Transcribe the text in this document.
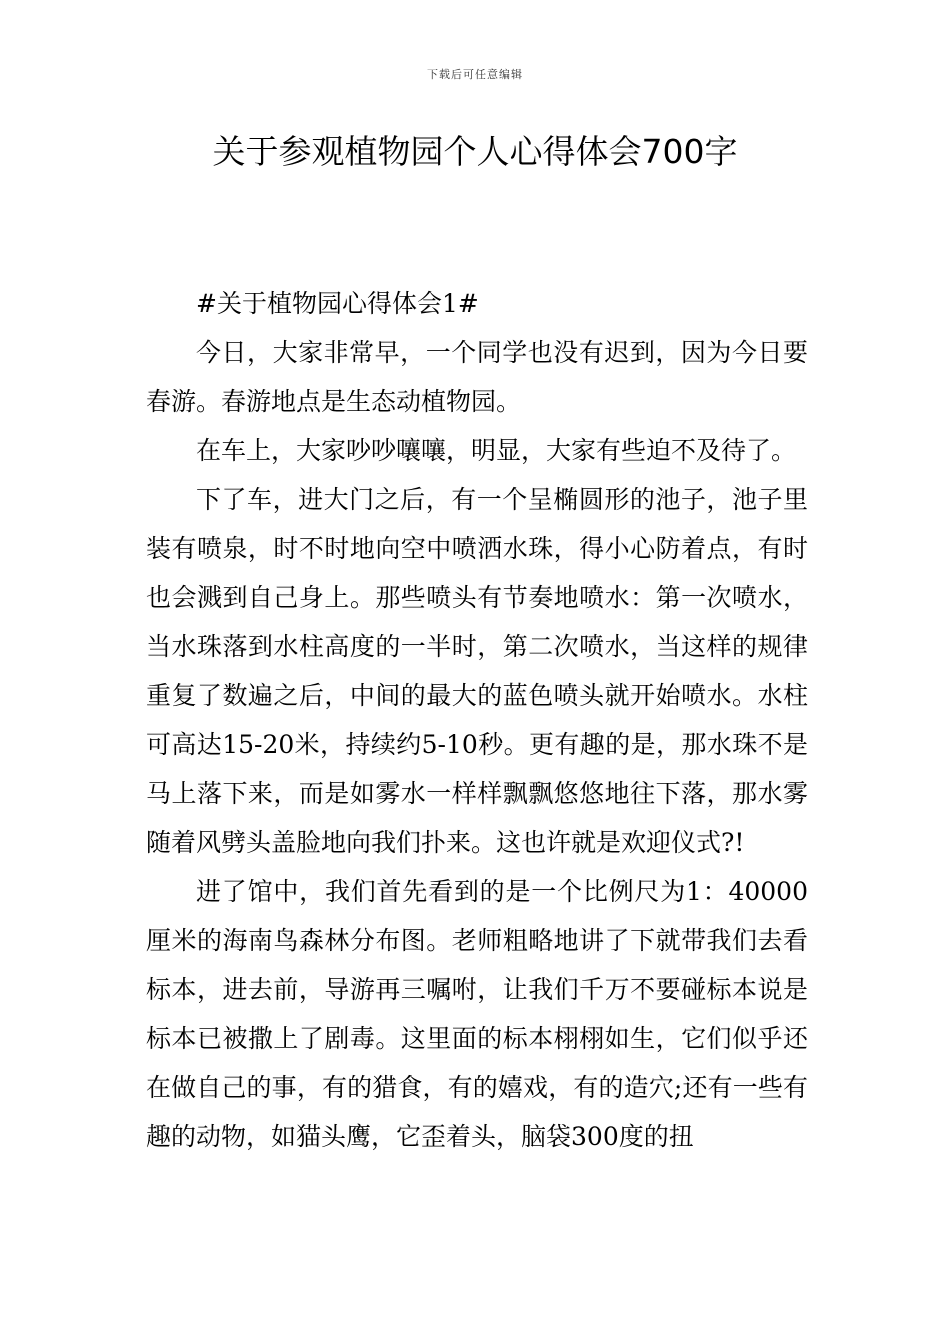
下载后可任意编辑
关于参观植物园个人心得体会700字

#关于植物园心得体会1#

今日，大家非常早，一个同学也没有迟到，因为今日要春游。春游地点是生态动植物园。

在车上，大家吵吵嚷嚷，明显，大家有些迫不及待了。

下了车，进大门之后，有一个呈椭圆形的池子，池子里装有喷泉，时不时地向空中喷洒水珠，得小心防着点，有时也会溅到自己身上。那些喷头有节奏地喷水：第一次喷水，当水珠落到水柱高度的一半时，第二次喷水，当这样的规律重复了数遍之后，中间的最大的蓝色喷头就开始喷水。水柱可高达15-20米，持续约5-10秒。更有趣的是，那水珠不是马上落下来，而是如雾水一样样飘飘悠悠地往下落，那水雾随着风劈头盖脸地向我们扑来。这也许就是欢迎仪式?!

进了馆中，我们首先看到的是一个比例尺为1：40000厘米的海南鸟森林分布图。老师粗略地讲了下就带我们去看标本，进去前，导游再三嘱咐，让我们千万不要碰标本说是标本已被撒上了剧毒。这里面的标本栩栩如生，它们似乎还在做自己的事，有的猎食，有的嬉戏，有的造穴;还有一些有趣的动物，如猫头鹰，它歪着头，脑袋300度的扭
